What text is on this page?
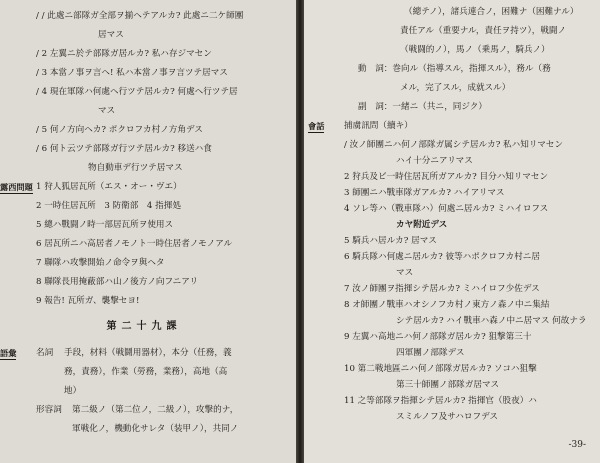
/ / 此處ニ部隊ガ全部ヲ揃ヘテアルカ? 此處ニ二ケ師團
居マス
/ 2 左翼ニ於テ部隊ガ居ルカ? 私ハ存ジマセン
/ 3 本當ノ事ヲ言ヘ! 私ハ本當ノ事ヲ言ツテ居マス
/ 4 現在軍隊ハ何處ヘ行ツテ居ルカ? 何處ヘ行ツテ居
マス
/ 5 何ノ方向ヘカ? ポクロフカ村ノ方角デス
/ 6 何ト云ツテ部隊ガ行ツテ居ルカ? 移送ハ食
物自動車デ行ツテ居マス
露西問題 1 狩人狐居瓦所（エス・オー・ヴエ）
2 一時住居瓦所　3 防衛部　4 指揮処
5 總ハ戰闘ノ時一部居瓦所ヲ使用ス
6 居瓦所ニハ高居者ノモノト一時住居者ノモノアル
7 聯隊ハ攻撃開始ノ命令ヲ與ヘタ
8 聯隊長用掩蔽部ハ山ノ後方ノ向フニアリ
9 報告! 瓦所ガ、襲撃セヨ!
第二十九課
語彙	名詞	手段，材料（戦鬪用器材），本分（任務，義
務，責務），作業（勞務，業務），高地（高
地）
形容詞	第二級ノ（第二位ノ，二級ノ），攻撃的ナ，
軍戦化ノ，機動化サレタ（装甲ノ），共同ノ
（總テノ），諸兵連合ノ，困難ナ（困難ナル）
責任アル（重要ナル，責任ヲ持ツ），戦闘ノ
（戦闘的ノ），馬ノ（乗馬ノ，騎兵ノ）
動　詞：巻向ル（指導スル，指揮スル），務ル（務
メル，完了スル，成就スル）
副　詞：一緒ニ（共ニ，同ジク）
會話	捕虜訊問（續キ）
/ 汝ノ師團ニハ何ノ部隊ガ属シテ居ルカ? 私ハ知リマセン
ハイ十分ニアリマス
2 狩兵及ビ一時住居瓦所ガアルカ? 目分ハ知リマセン
3 師團ニハ戰車隊ガアルカ? ハイアリマス
4 ソレ等ハ（戰車隊ハ）何處ニ居ルカ? ミハイロフス
カヤ附近デス
5 騎兵ハ居ルカ? 居マス
6 騎兵隊ハ何處ニ居ルカ? 彼等ハポクロフカ村ニ居
マス
7 汝ノ師團ヲ指揮シテ居ルカ? ミハイロフ少佐デス
8 オ師團ノ戰車ハオシノフカ村ノ東方ノ森ノ中ニ集結
シテ居ルカ? ハイ戰車ハ森ノ中ニ居マス 何故ナラ
9 左翼ハ高地ニハ何ノ部隊ガ居ルカ? 狙撃第三十
四軍團ノ部隊デス
10 第二戦地區ニハ何ノ部隊ガ居ルカ? ソコハ狙擊
第三十師團ノ部隊ガ居マス
11 之等部隊ヲ指揮シテ居ルカ? 指揮官（股夜）ハ
スミルノフ及サハロフデス
-39-
